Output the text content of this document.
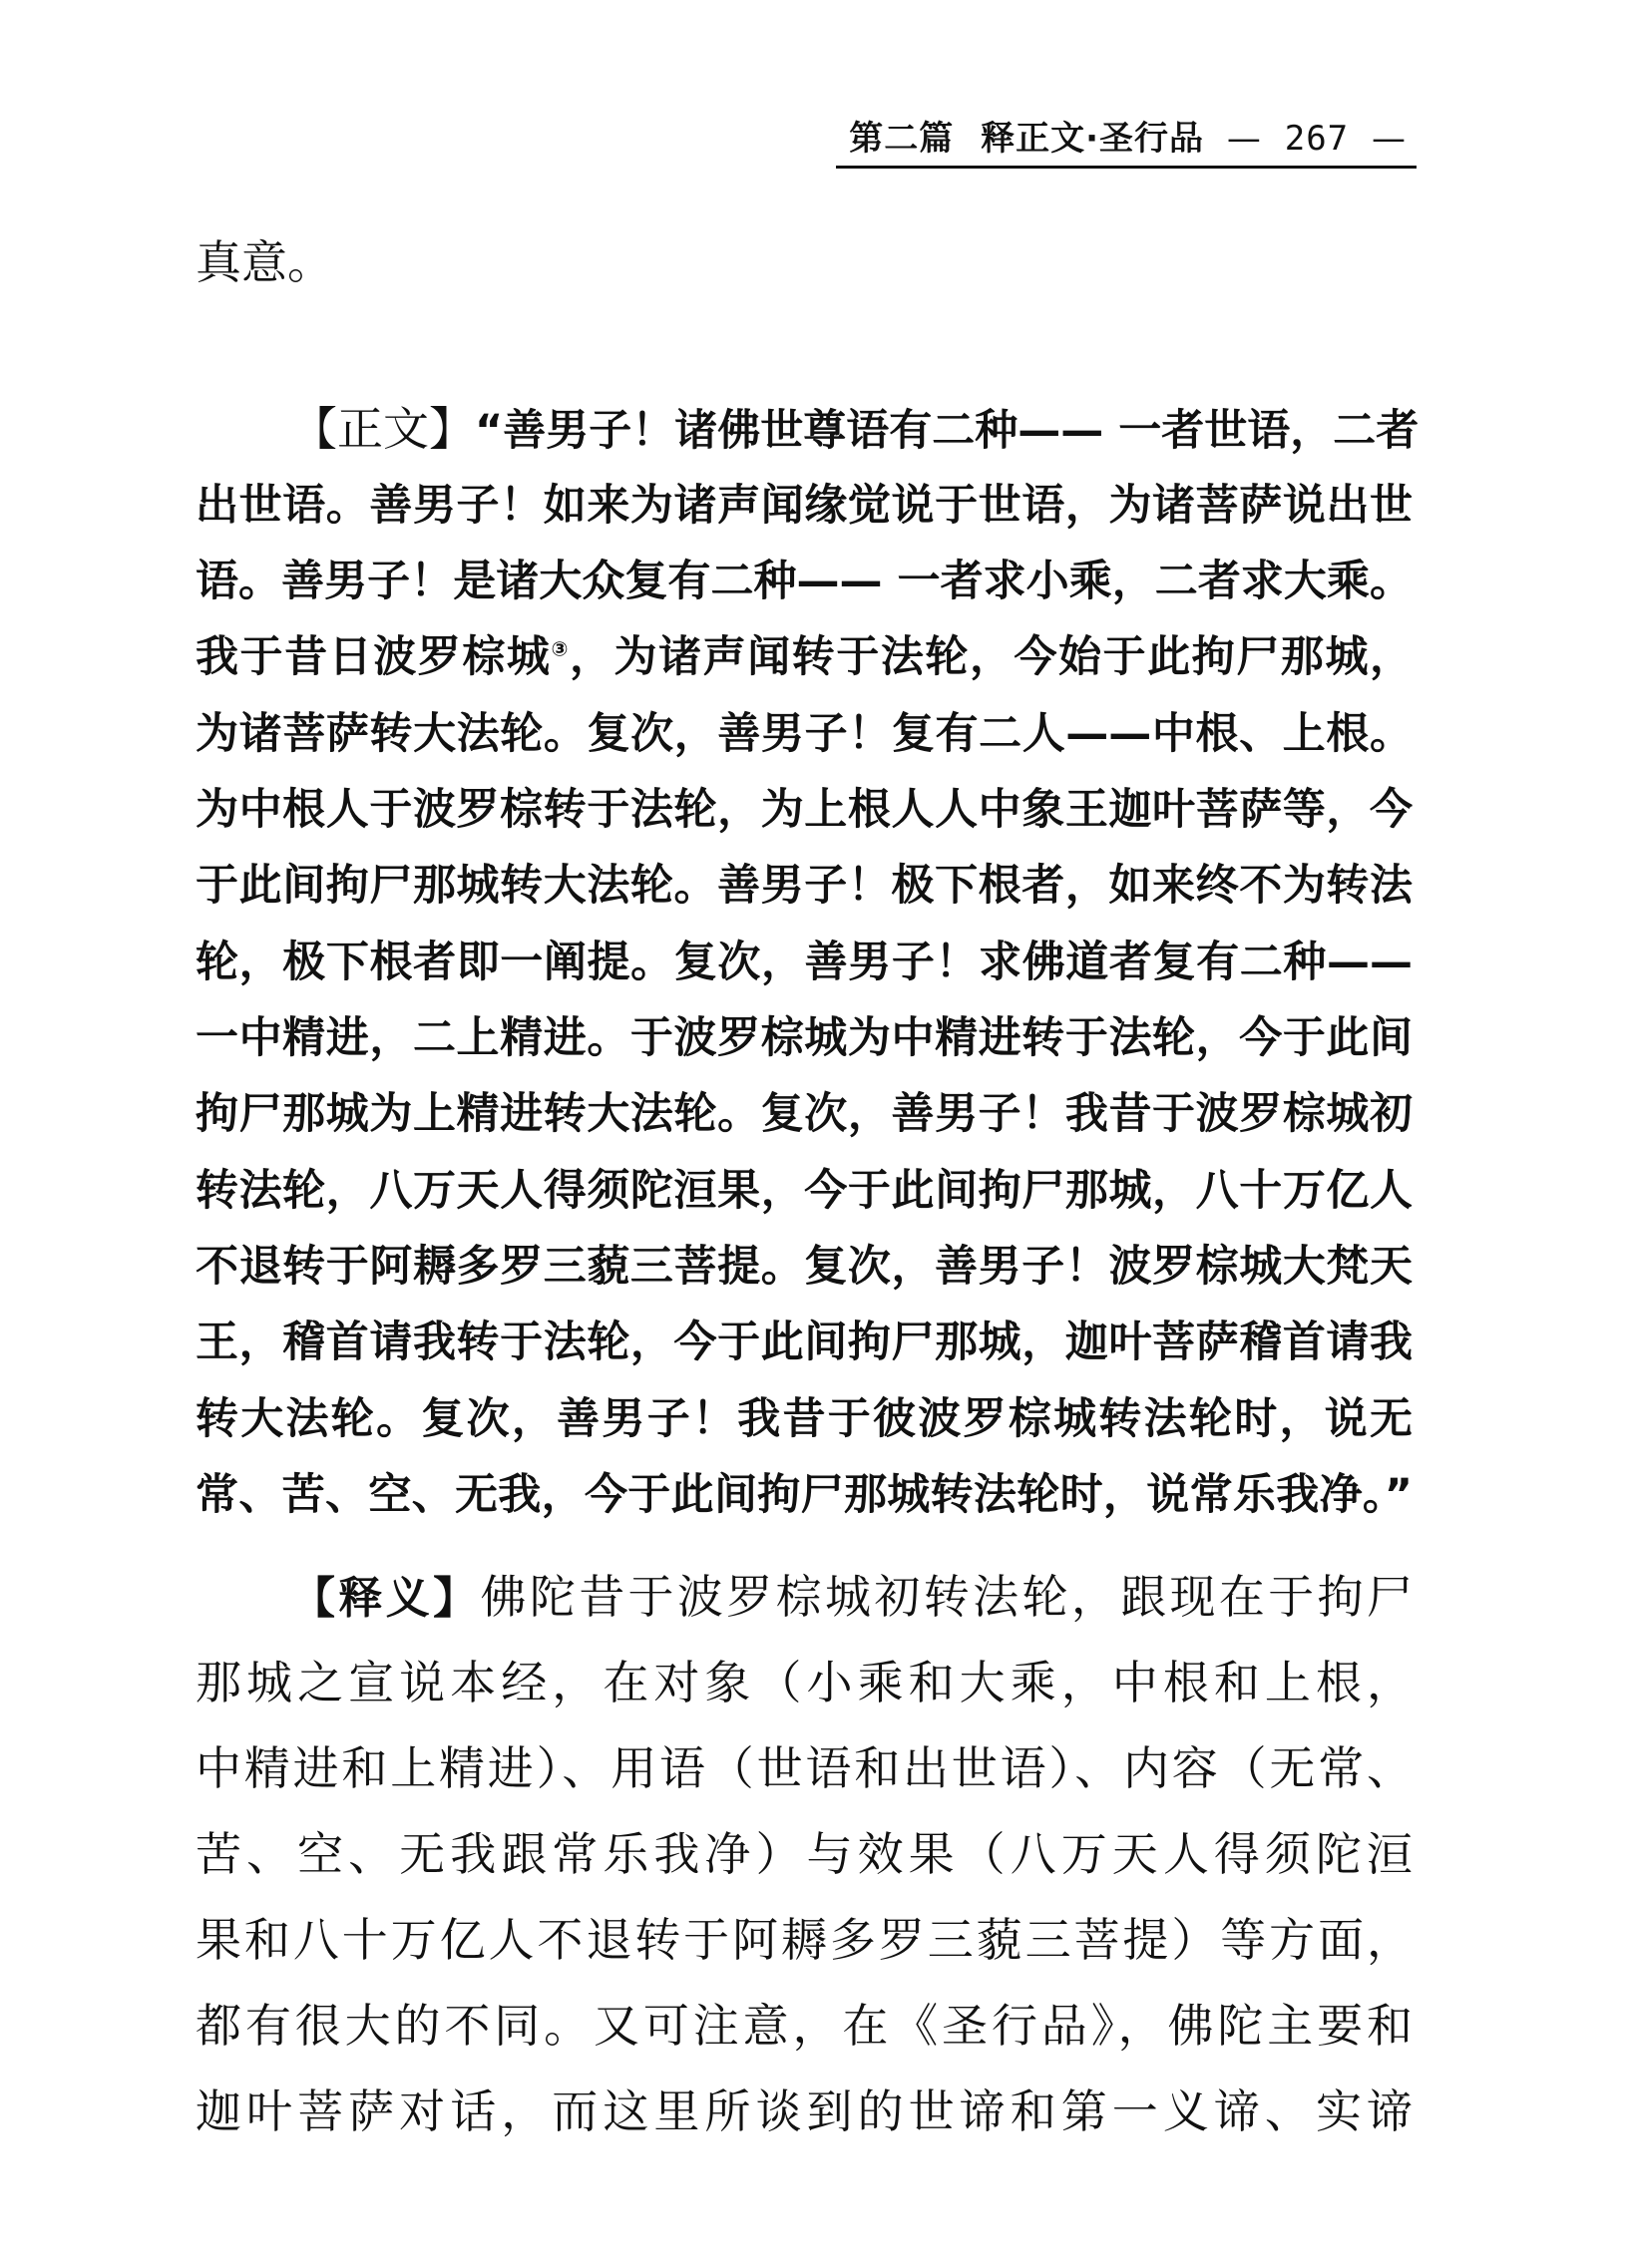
第二篇 释正文·圣行品 — 267 —
真意。
【正文】“善男子！诸佛世尊语有二种—— 一者世语，二者
出世语。善男子！如来为诸声闻缘觉说于世语，为诸菩萨说出世
语。善男子！是诸大众复有二种—— 一者求小乘，二者求大乘。
我于昔日波罗棕城③，为诸声闻转于法轮，今始于此拘尸那城，
为诸菩萨转大法轮。复次，善男子！复有二人——中根、上根。
为中根人于波罗棕转于法轮，为上根人人中象王迦叶菩萨等，今
于此间拘尸那城转大法轮。善男子！极下根者，如来终不为转法
轮，极下根者即一阐提。复次，善男子！求佛道者复有二种——
一中精进，二上精进。于波罗棕城为中精进转于法轮，今于此间
拘尸那城为上精进转大法轮。复次，善男子！我昔于波罗棕城初
转法轮，八万天人得须陀洹果，今于此间拘尸那城，八十万亿人
不退转于阿耨多罗三藐三菩提。复次，善男子！波罗棕城大梵天
王，稽首请我转于法轮，今于此间拘尸那城，迦叶菩萨稽首请我
转大法轮。复次，善男子！我昔于彼波罗棕城转法轮时，说无
常、苦、空、无我，今于此间拘尸那城转法轮时，说常乐我净。”
【释义】佛陀昔于波罗棕城初转法轮，跟现在于拘尸
那城之宣说本经，在对象（小乘和大乘，中根和上根，
中精进和上精进）、用语（世语和出世语）、内容（无常、
苦、空、无我跟常乐我净）与效果（八万天人得须陀洹
果和八十万亿人不退转于阿耨多罗三藐三菩提）等方面，
都有很大的不同。又可注意，在《圣行品》，佛陀主要和
迦叶菩萨对话，而这里所谈到的世谛和第一义谛、实谛
